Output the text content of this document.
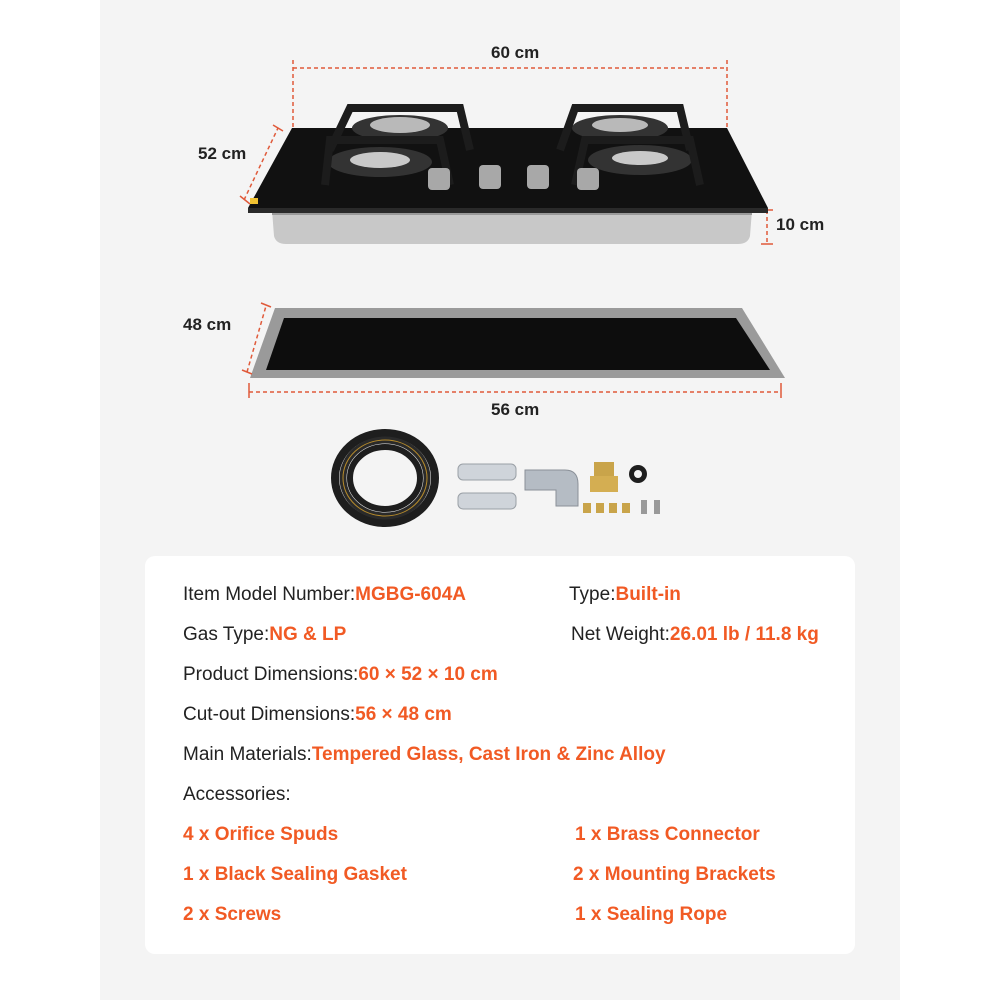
60 cm
52 cm
10 cm
48 cm
56 cm
Item Model Number:MGBG-604A	Type:Built-in
Gas Type:NG & LP	Net Weight:26.01 lb / 11.8 kg
Product Dimensions:60 × 52 × 10 cm
Cut-out Dimensions:56 × 48 cm
Main Materials:Tempered Glass, Cast Iron & Zinc Alloy
Accessories:
4 x Orifice Spuds	1 x Brass Connector
1 x Black Sealing Gasket	2 x Mounting Brackets
2 x Screws	1 x Sealing Rope
